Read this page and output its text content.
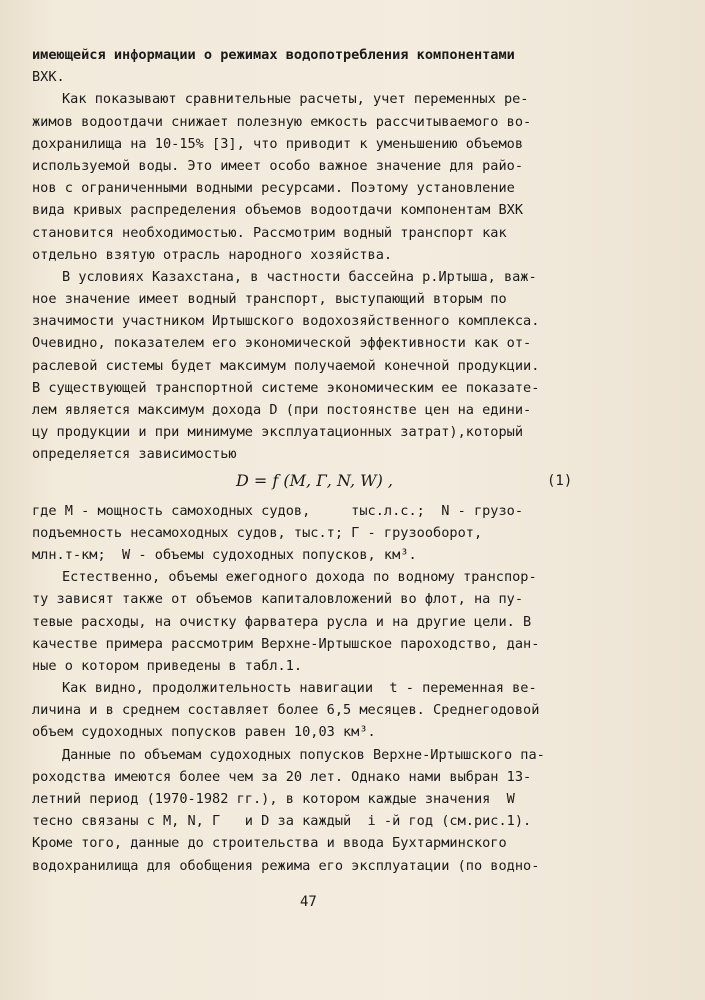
имеющейся информации о режимах водопотребления компонентами
ВХК.
Как показывают сравнительные расчеты, учет переменных ре-
жимов водоотдачи снижает полезную емкость рассчитываемого во-
дохранилища на 10-15% [3], что приводит к уменьшению объемов
используемой воды. Это имеет особо важное значение для райо-
нов с ограниченными водными ресурсами. Поэтому установление
вида кривых распределения объемов водоотдачи компонентам ВХК
становится необходимостью. Рассмотрим водный транспорт как
отдельно взятую отрасль народного хозяйства.
В условиях Казахстана, в частности бассейна р.Иртыша, важ-
ное значение имеет водный транспорт, выступающий вторым по
значимости участником Иртышского водохозяйственного комплекса.
Очевидно, показателем его экономической эффективности как от-
раслевой системы будет максимум получаемой конечной продукции.
В существующей транспортной системе экономическим ее показате-
лем является максимум дохода D (при постоянстве цен на едини-
цу продукции и при минимуме эксплуатационных затрат),который
определяется зависимостью
D = f (M, Г, N, W) ,	(1)
где M - мощность самоходных судов,     тыс.л.с.;  N - грузо-
подъемность несамоходных судов, тыс.т; Г - грузооборот,
млн.т-км;  W - объемы судоходных попусков, км³.
Естественно, объемы ежегодного дохода по водному транспор-
ту зависят также от объемов капиталовложений во флот, на пу-
тевые расходы, на очистку фарватера русла и на другие цели. В
качестве примера рассмотрим Верхне-Иртышское пароходство, дан-
ные о котором приведены в табл.1.
Как видно, продолжительность навигации  t - переменная ве-
личина и в среднем составляет более 6,5 месяцев. Среднегодовой
объем судоходных попусков равен 10,03 км³.
Данные по объемам судоходных попусков Верхне-Иртышского па-
роходства имеются более чем за 20 лет. Однако нами выбран 13-
летний период (1970-1982 гг.), в котором каждые значения  W
тесно связаны с M, N, Г   и D за каждый  i -й год (см.рис.1).
Кроме того, данные до строительства и ввода Бухтарминского
водохранилища для обобщения режима его эксплуатации (по водно-
47
